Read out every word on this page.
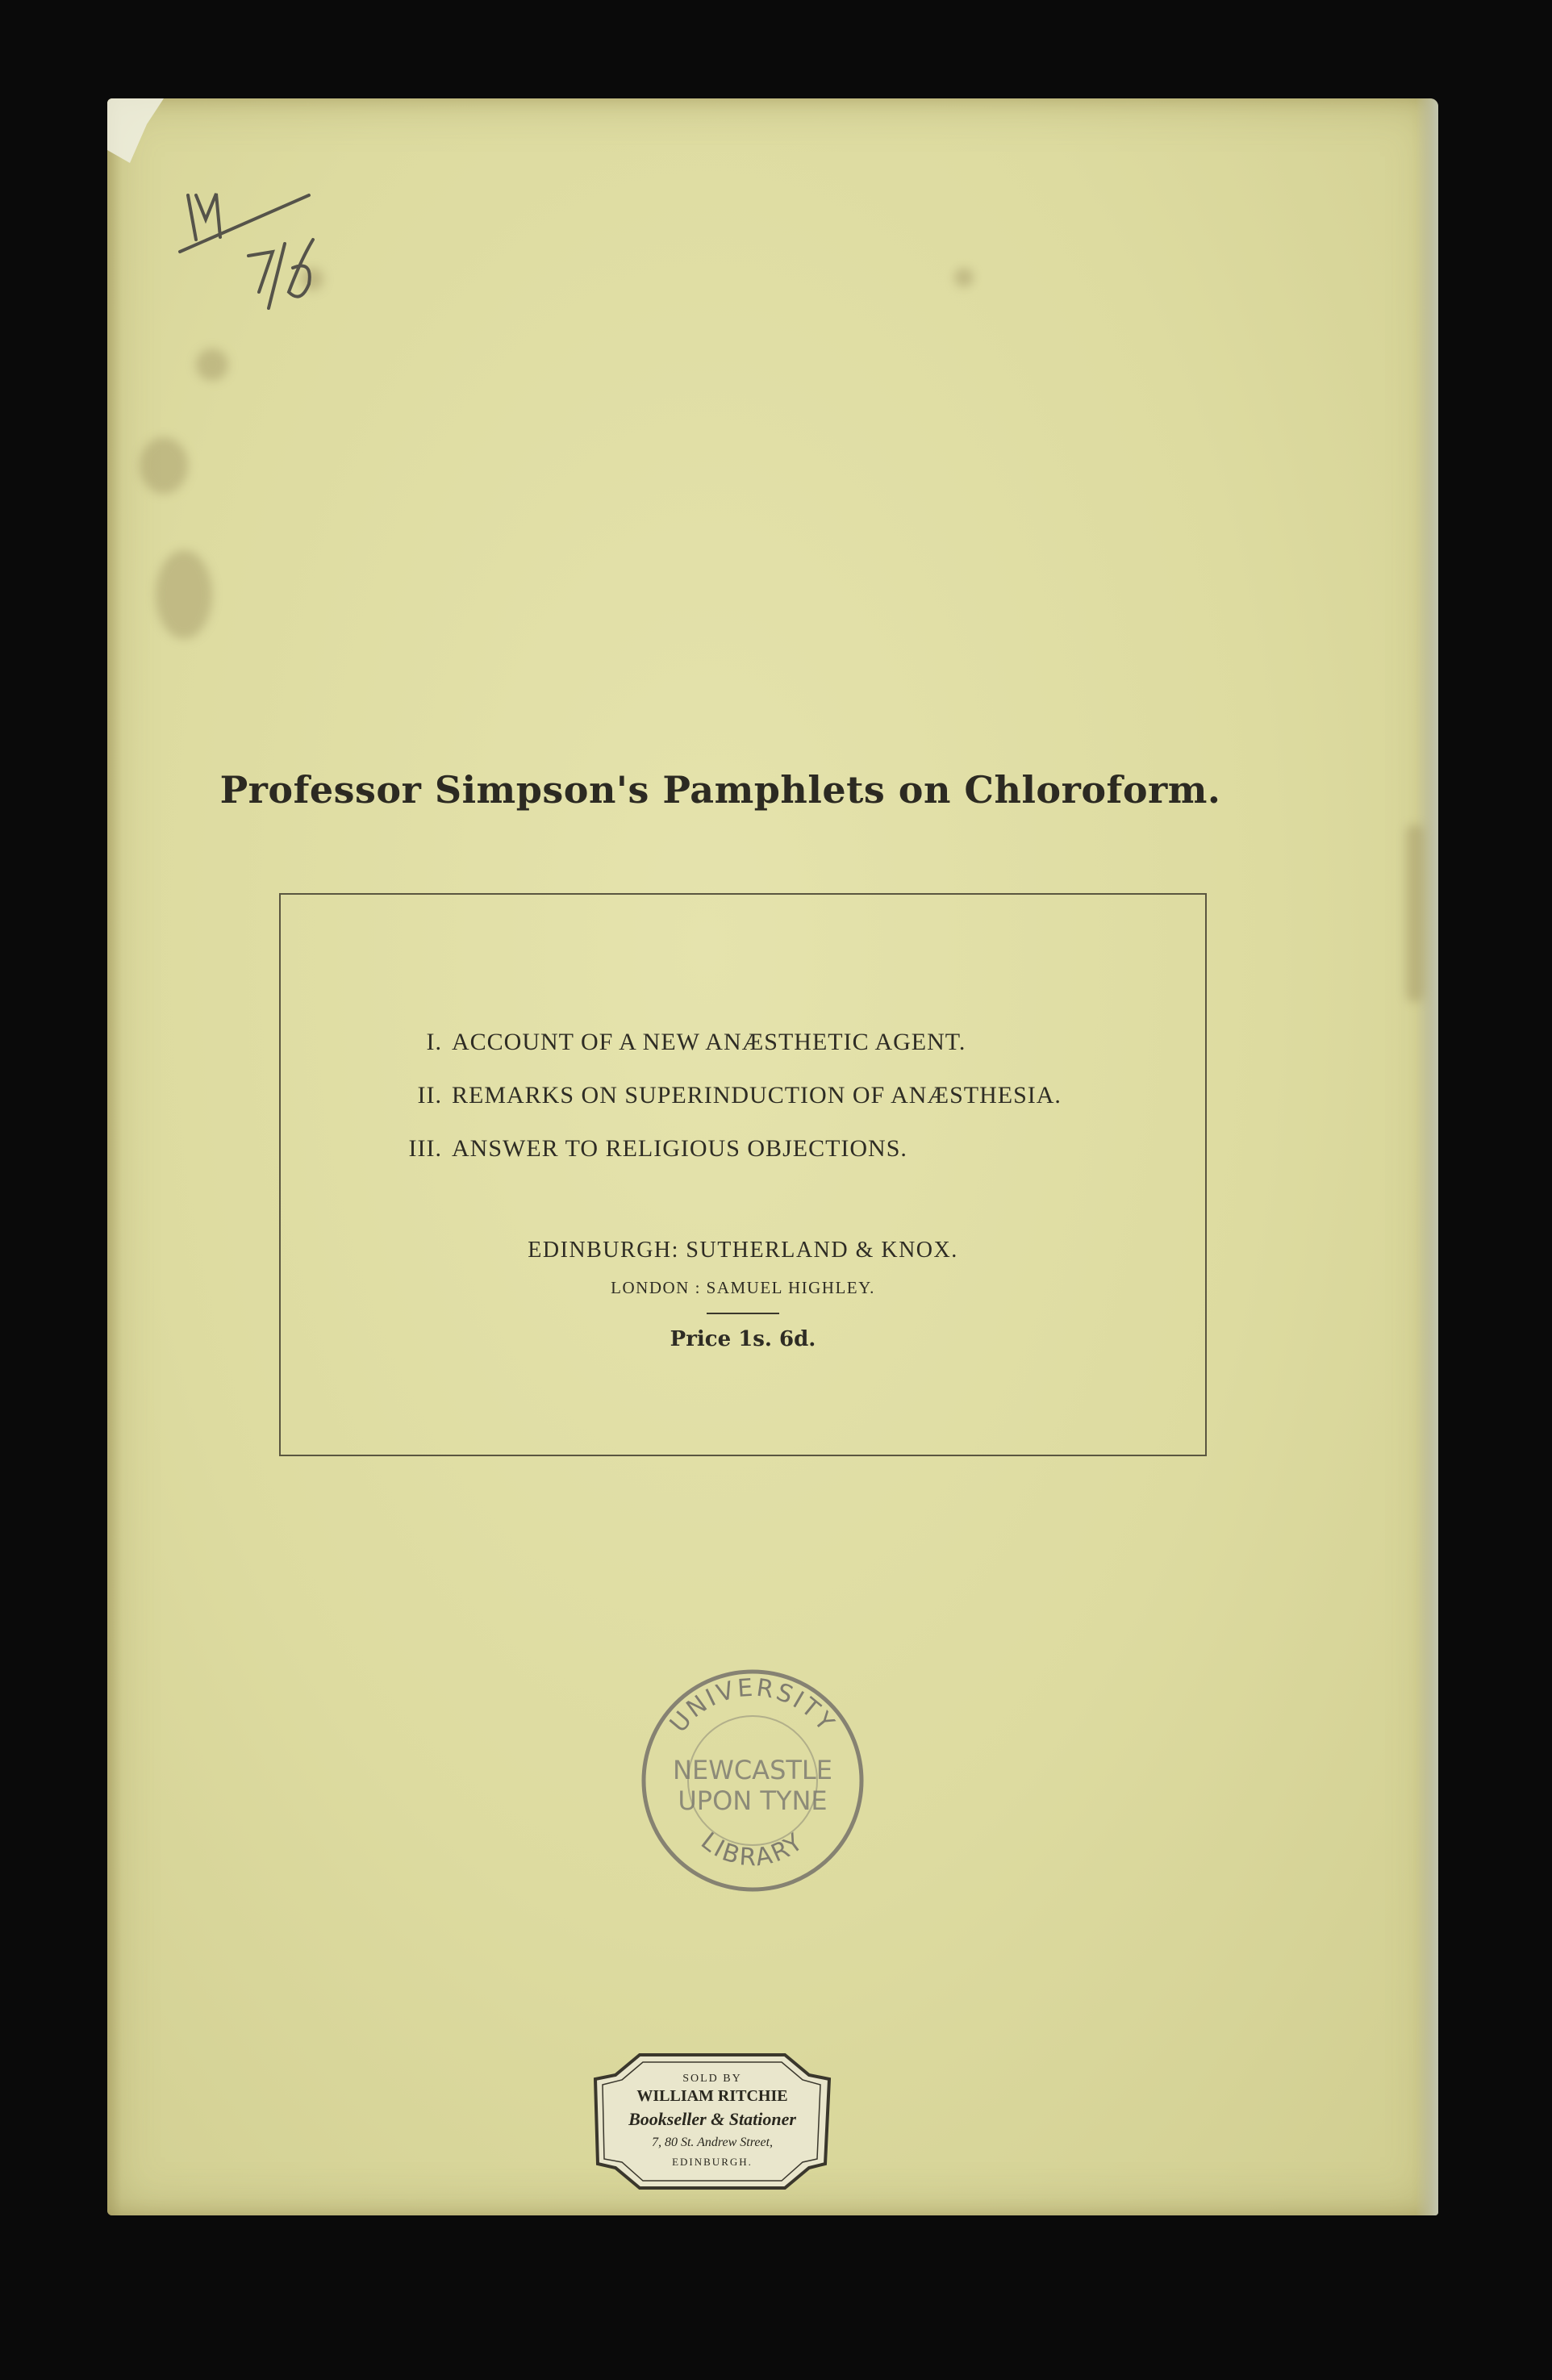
Professor Simpson's Pamphlets on Chloroform.
I. ACCOUNT OF A NEW ANÆSTHETIC AGENT.
II. REMARKS ON SUPERINDUCTION OF ANÆSTHESIA.
III. ANSWER TO RELIGIOUS OBJECTIONS.
EDINBURGH: SUTHERLAND & KNOX.
LONDON : SAMUEL HIGHLEY.
Price 1s. 6d.
UNIVERSITY
NEWCASTLE
UPON TYNE
LIBRARY
SOLD BY
WILLIAM RITCHIE
Bookseller & Stationer
7, 80 St. Andrew Street,
EDINBURGH.
